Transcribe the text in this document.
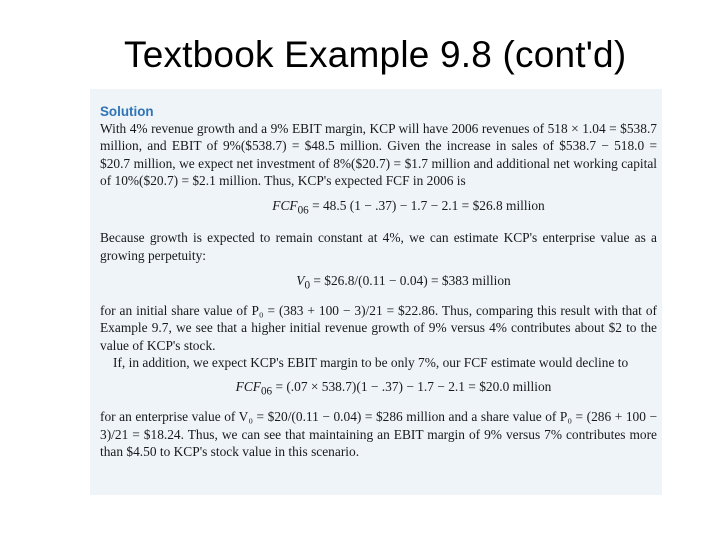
Textbook Example 9.8 (cont'd)
Solution

With 4% revenue growth and a 9% EBIT margin, KCP will have 2006 revenues of 518 × 1.04 = $538.7 million, and EBIT of 9%($538.7) = $48.5 million. Given the increase in sales of $538.7 − 518.0 = $20.7 million, we expect net investment of 8%($20.7) = $1.7 million and additional net working capital of 10%($20.7) = $2.1 million. Thus, KCP's expected FCF in 2006 is

$FCF_{06} = 48.5$ (1 − .37) − 1.7 − 2.1 = $26.8 million

Because growth is expected to remain constant at 4%, we can estimate KCP's enterprise value as a growing perpetuity:

$V_0$ = $26.8/(0.11 − 0.04) = $383 million

for an initial share value of P₀ = (383 + 100 − 3)/21 = $22.86. Thus, comparing this result with that of Example 9.7, we see that a higher initial revenue growth of 9% versus 4% contributes about $2 to the value of KCP's stock.

If, in addition, we expect KCP's EBIT margin to be only 7%, our FCF estimate would decline to

$FCF_{06} = (.07 \times 538.7)(1 - .37) - 1.7 - 2.1$ = $20.0 million

for an enterprise value of V₀ = $20/(0.11 − 0.04) = $286 million and a share value of P₀ = (286 + 100 − 3)/21 = $18.24. Thus, we can see that maintaining an EBIT margin of 9% versus 7% contributes more than $4.50 to KCP's stock value in this scenario.
